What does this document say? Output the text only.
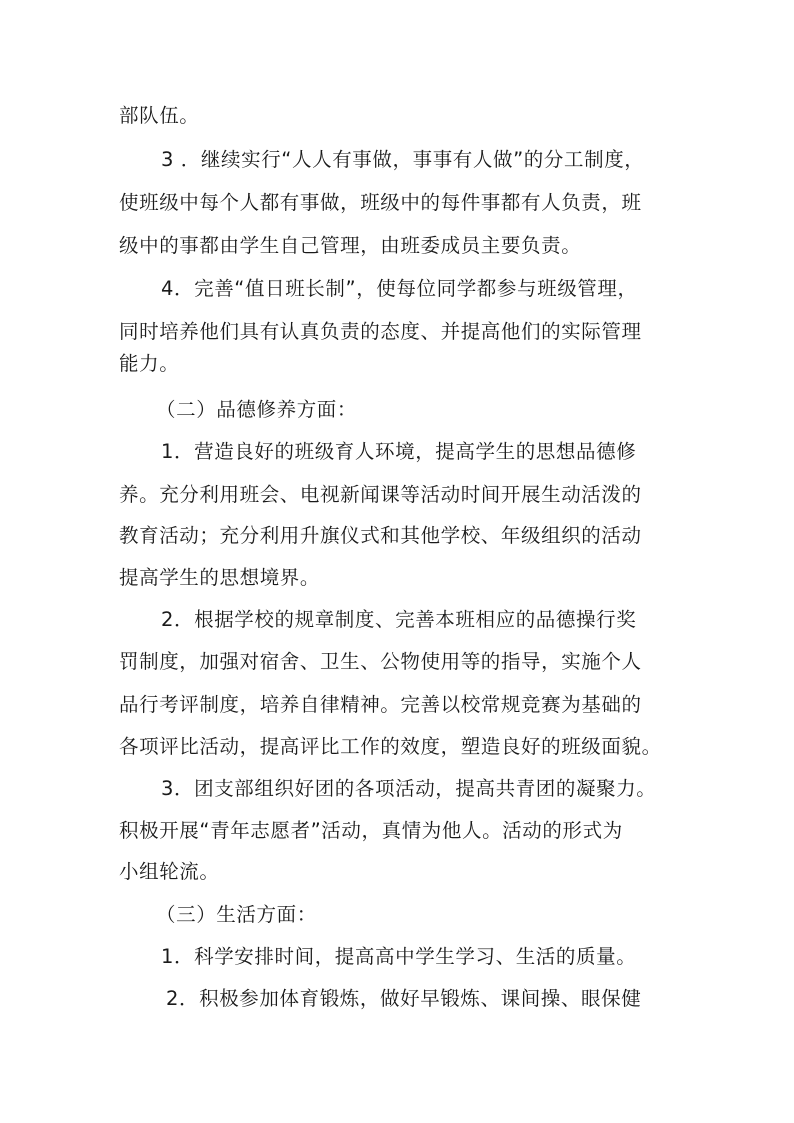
部队伍。
3 ．继续实行“人人有事做，事事有人做”的分工制度，
使班级中每个人都有事做，班级中的每件事都有人负责，班
级中的事都由学生自己管理，由班委成员主要负责。
4．完善“值日班长制”，使每位同学都参与班级管理，
同时培养他们具有认真负责的态度、并提高他们的实际管理
能力。
（二）品德修养方面：
1．营造良好的班级育人环境，提高学生的思想品德修
养。充分利用班会、电视新闻课等活动时间开展生动活泼的
教育活动；充分利用升旗仪式和其他学校、年级组织的活动
提高学生的思想境界。
2．根据学校的规章制度、完善本班相应的品德操行奖
罚制度，加强对宿舍、卫生、公物使用等的指导，实施个人
品行考评制度，培养自律精神。完善以校常规竞赛为基础的
各项评比活动，提高评比工作的效度，塑造良好的班级面貌。
3．团支部组织好团的各项活动，提高共青团的凝聚力。
积极开展“青年志愿者”活动，真情为他人。活动的形式为
小组轮流。
（三）生活方面：
1．科学安排时间，提高高中学生学习、生活的质量。
2．积极参加体育锻炼，做好早锻炼、课间操、眼保健
